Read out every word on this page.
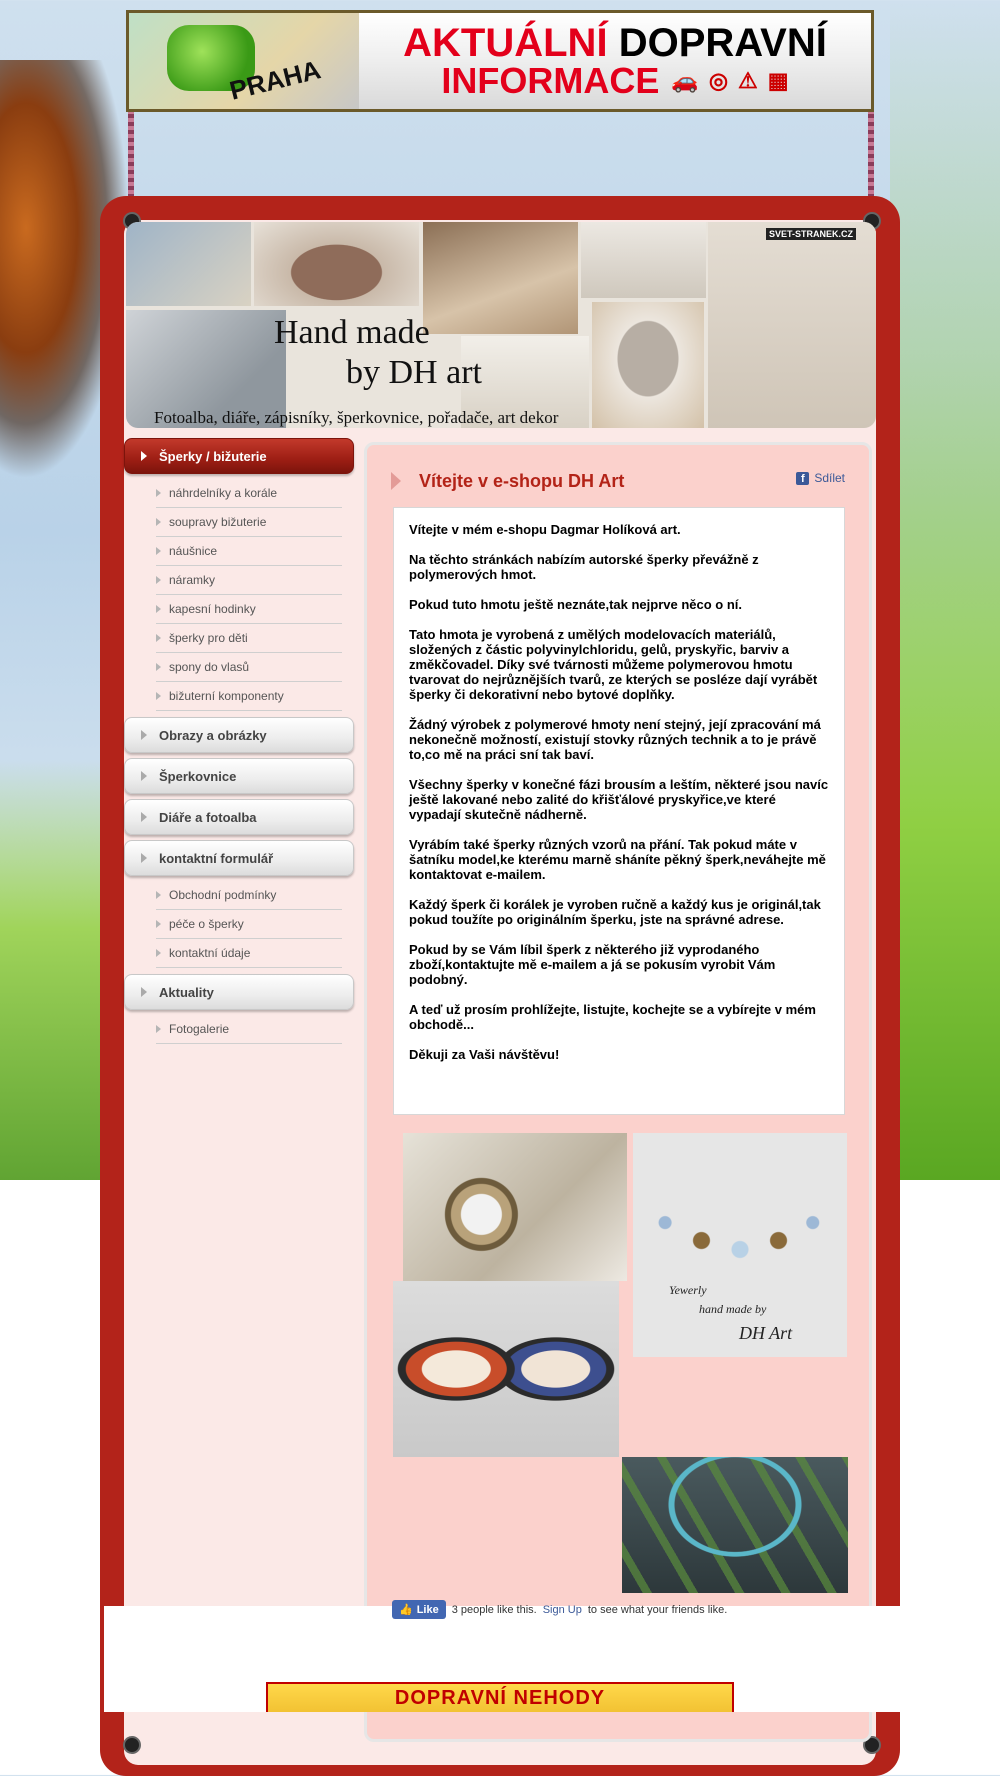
PRAHA
AKTUÁLNÍ DOPRAVNÍ
INFORMACE 🚗 ◎ ⚠ ▦
Hand made
by DH art
Fotoalba, diáře, zápisníky, šperkovnice, pořadače, art dekor
SVET-STRANEK.CZ
Šperky / bižuterie
náhrdelníky a korále
soupravy bižuterie
náušnice
náramky
kapesní hodinky
šperky pro děti
spony do vlasů
bižuterní komponenty
Obrazy a obrázky
Šperkovnice
Diáře a fotoalba
kontaktní formulář
Obchodní podmínky
péče o šperky
kontaktní údaje
Aktuality
Fotogalerie
Vítejte v e-shopu DH Art	f Sdílet

Vítejte v mém e-shopu Dagmar Holíková art.

Na těchto stránkách nabízím autorské šperky převážně z polymerových hmot.

Pokud tuto hmotu ještě neznáte,tak nejprve něco o ní.

Tato hmota je vyrobená z umělých modelovacích materiálů, složených z částic polyvinylchloridu, gelů, pryskyřic, barviv a změkčovadel. Díky své tvárnosti můžeme polymerovou hmotu tvarovat do nejrůznějších tvarů, ze kterých se posléze dají vyrábět šperky či dekorativní nebo bytové doplňky.

Žádný výrobek z polymerové hmoty není stejný, její zpracování má nekonečně možností, existují stovky různých technik a to je právě to,co mě na práci sní tak baví.

Všechny šperky v konečné fázi brousím a leštím, některé jsou navíc ještě lakované nebo zalité do křišťálové pryskyřice,ve které vypadají skutečně nádherně.

Vyrábím také šperky různých vzorů na přání. Tak pokud máte v šatníku model,ke kterému marně sháníte pěkný šperk,neváhejte mě kontaktovat e-mailem.

Každý šperk či korálek je vyroben ručně a každý kus je originál,tak pokud toužíte po originálním šperku, jste na správné adrese.

Pokud by se Vám líbil šperk z některého již vyprodaného zboží,kontaktujte mě e-mailem a já se pokusím vyrobit Vám podobný.

A teď už prosím prohlížejte, listujte, kochejte se a vybírejte v mém obchodě...

Děkuji za Vaši návštěvu!

Yewerly
hand made by
DH Art
👍 Like 3 people like this. Sign Up to see what your friends like.
DOPRAVNÍ NEHODY
